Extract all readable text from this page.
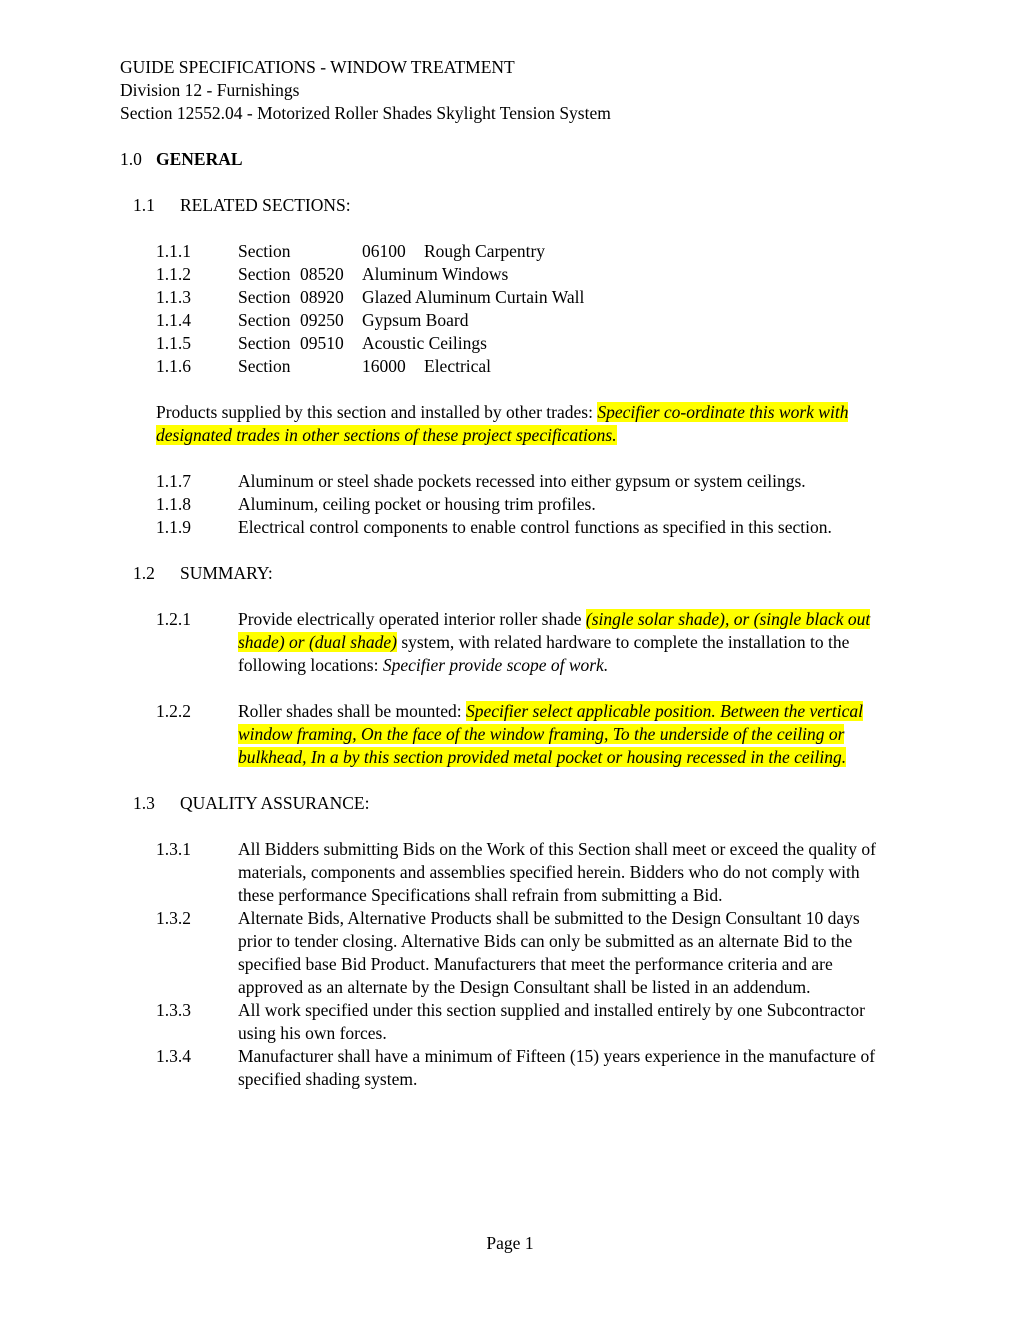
GUIDE SPECIFICATIONS - WINDOW TREATMENT
Division 12 - Furnishings
Section 12552.04 - Motorized Roller Shades Skylight Tension System
1.0 GENERAL
1.1	RELATED SECTIONS:
1.1.1	Section	06100 Rough Carpentry
1.1.2	Section 08520 Aluminum Windows
1.1.3	Section 08920 Glazed Aluminum Curtain Wall
1.1.4	Section 09250 Gypsum Board
1.1.5	Section 09510 Acoustic Ceilings
1.1.6	Section	16000 Electrical

Products supplied by this section and installed by other trades: Specifier co-ordinate this work with designated trades in other sections of these project specifications.

1.1.7	Aluminum or steel shade pockets recessed into either gypsum or system ceilings.
1.1.8	Aluminum, ceiling pocket or housing trim profiles.
1.1.9	Electrical control components to enable control functions as specified in this section.
1.2	SUMMARY:
1.2.1	Provide electrically operated interior roller shade (single solar shade), or (single black out shade) or (dual shade) system, with related hardware to complete the installation to the following locations: Specifier provide scope of work.
1.2.2	Roller shades shall be mounted: Specifier select applicable position. Between the vertical window framing, On the face of the window framing, To the underside of the ceiling or bulkhead, In a by this section provided metal pocket or housing recessed in the ceiling.
1.3	QUALITY ASSURANCE:
1.3.1	All Bidders submitting Bids on the Work of this Section shall meet or exceed the quality of materials, components and assemblies specified herein. Bidders who do not comply with these performance Specifications shall refrain from submitting a Bid.
1.3.2	Alternate Bids, Alternative Products shall be submitted to the Design Consultant 10 days prior to tender closing. Alternative Bids can only be submitted as an alternate Bid to the specified base Bid Product. Manufacturers that meet the performance criteria and are approved as an alternate by the Design Consultant shall be listed in an addendum.
1.3.3	All work specified under this section supplied and installed entirely by one Subcontractor using his own forces.
1.3.4	Manufacturer shall have a minimum of Fifteen (15) years experience in the manufacture of specified shading system.
Page 1
